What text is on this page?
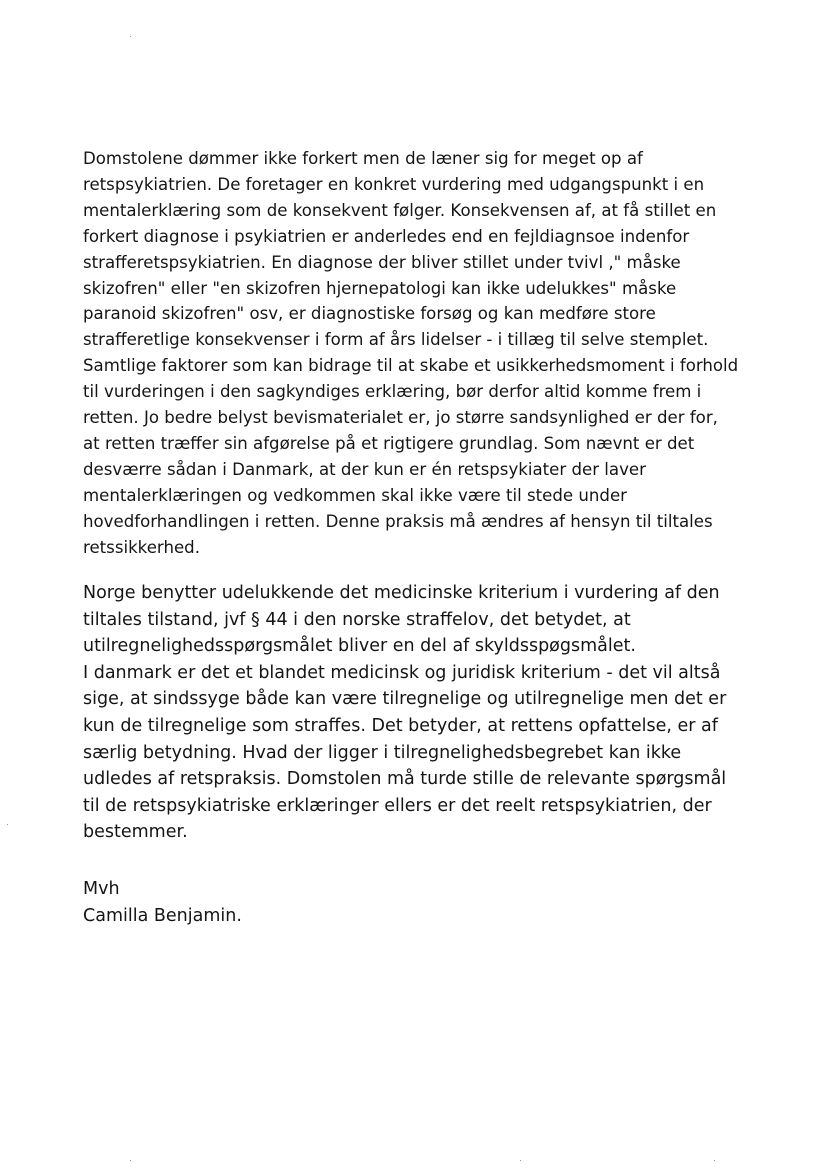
Domstolene dømmer ikke forkert men de læner sig for meget op af
retspsykiatrien. De foretager en konkret vurdering med udgangspunkt i en
mentalerklæring som de konsekvent følger. Konsekvensen af, at få stillet en
forkert diagnose i psykiatrien er anderledes end en fejldiagnsoe indenfor
strafferetspsykiatrien. En diagnose der bliver stillet under tvivl ," måske
skizofren" eller "en skizofren hjernepatologi kan ikke udelukkes" måske
paranoid skizofren" osv, er diagnostiske forsøg og kan medføre store
strafferetlige konsekvenser i form af års lidelser - i tillæg til selve stemplet.
Samtlige faktorer som kan bidrage til at skabe et usikkerhedsmoment i forhold
til vurderingen i den sagkyndiges erklæring, bør derfor altid komme frem i
retten. Jo bedre belyst bevismaterialet er, jo større sandsynlighed er der for,
at retten træffer sin afgørelse på et rigtigere grundlag. Som nævnt er det
desværre sådan i Danmark, at der kun er én retspsykiater der laver
mentalerklæringen og vedkommen skal ikke være til stede under
hovedforhandlingen i retten. Denne praksis må ændres af hensyn til tiltales
retssikkerhed.
Norge benytter udelukkende det medicinske kriterium i vurdering af den
tiltales tilstand, jvf § 44 i den norske straffelov, det betydet, at
utilregnelighedsspørgsmålet bliver en del af skyldsspøgsmålet.
I danmark er det et blandet medicinsk og juridisk kriterium - det vil altså
sige, at sindssyge både kan være tilregnelige og utilregnelige men det er
kun de tilregnelige som straffes. Det betyder, at rettens opfattelse, er af
særlig betydning. Hvad der ligger i tilregnelighedsbegrebet kan ikke
udledes af retspraksis. Domstolen må turde stille de relevante spørgsmål
til de retspsykiatriske erklæringer ellers er det reelt retspsykiatrien, der
bestemmer.
Mvh
Camilla Benjamin.
